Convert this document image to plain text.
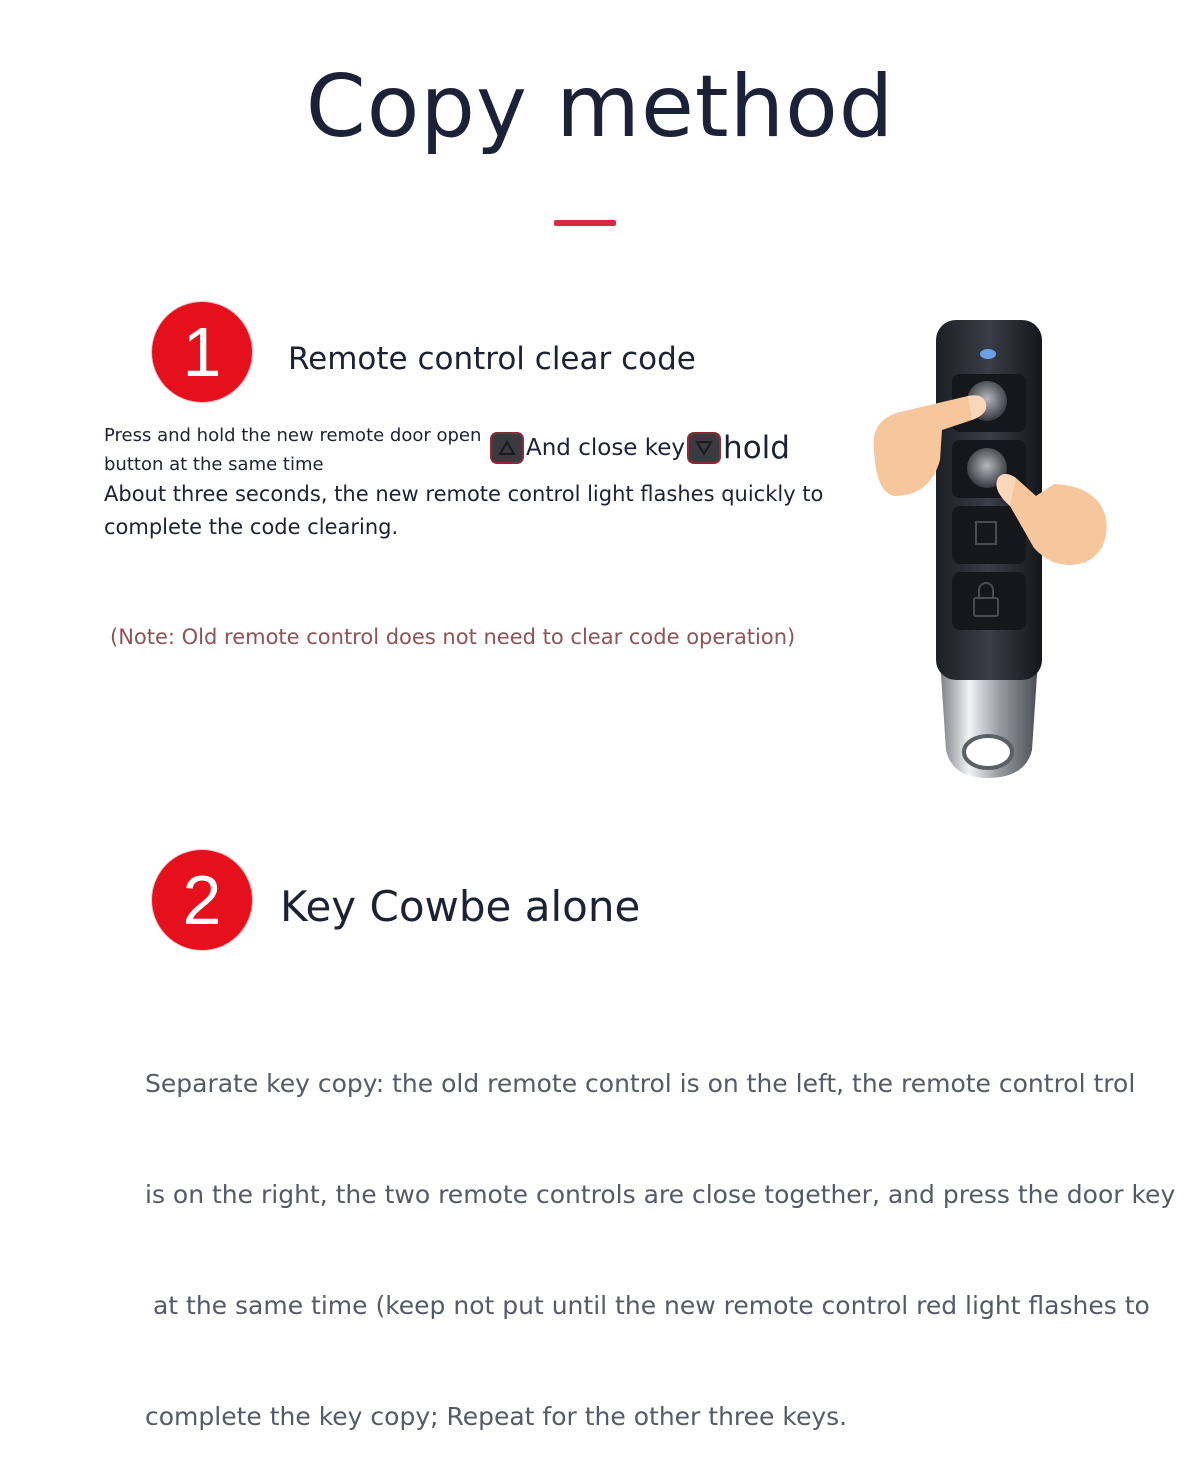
Copy method
1	Remote control clear code
Press and hold the new remote door open
button at the same time
And close key hold
About three seconds, the new remote control light flashes quickly to
complete the code clearing.
(Note: Old remote control does not need to clear code operation)
2	Key Cowbe alone

Separate key copy: the old remote control is on the left, the remote control trol

is on the right, the two remote controls are close together, and press the door key

at the same time (keep not put until the new remote control red light flashes to

complete the key copy; Repeat for the other three keys.
